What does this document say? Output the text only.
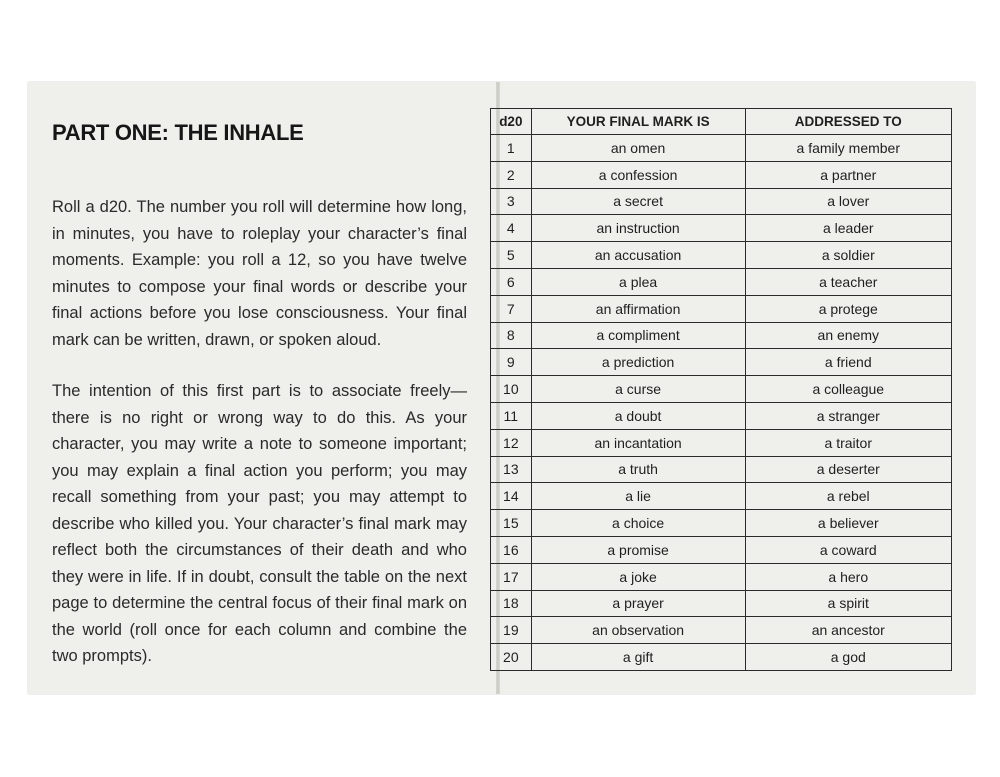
PART ONE: THE INHALE

Roll a d20. The number you roll will determine how long, in minutes, you have to roleplay your character’s final moments. Example: you roll a 12, so you have twelve minutes to compose your final words or describe your final actions before you lose consciousness. Your final mark can be written, drawn, or spoken aloud.

The intention of this first part is to associate freely—there is no right or wrong way to do this. As your character, you may write a note to someone important; you may explain a final action you perform; you may recall something from your past; you may attempt to describe who killed you. Your character’s final mark may reflect both the circumstances of their death and who they were in life. If in doubt, consult the table on the next page to determine the central focus of their final mark on the world (roll once for each column and combine the two prompts).

d20	YOUR FINAL MARK IS	ADDRESSED TO
1	an omen	a family member
2	a confession	a partner
3	a secret	a lover
4	an instruction	a leader
5	an accusation	a soldier
6	a plea	a teacher
7	an affirmation	a protege
8	a compliment	an enemy
9	a prediction	a friend
10	a curse	a colleague
11	a doubt	a stranger
12	an incantation	a traitor
13	a truth	a deserter
14	a lie	a rebel
15	a choice	a believer
16	a promise	a coward
17	a joke	a hero
18	a prayer	a spirit
19	an observation	an ancestor
20	a gift	a god
